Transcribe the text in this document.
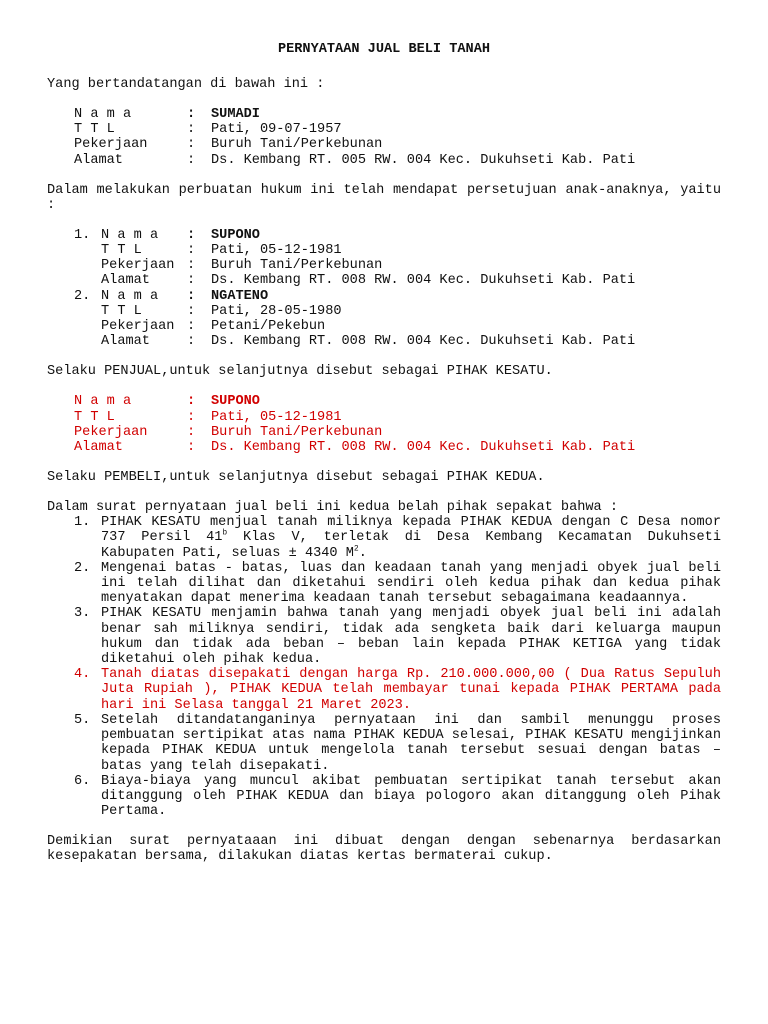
PERNYATAAN JUAL BELI TANAH

Yang bertandatangan di bawah ini :

N a m a	:	SUMADI
T T L	:	Pati, 09-07-1957
Pekerjaan	:	Buruh Tani/Perkebunan
Alamat	:	Ds. Kembang RT. 005 RW. 004 Kec. Dukuhseti Kab. Pati

Dalam melakukan perbuatan hukum ini telah mendapat persetujuan anak-anaknya, yaitu :

1.	N a m a	:	SUPONO
	T T L	:	Pati, 05-12-1981
	Pekerjaan	:	Buruh Tani/Perkebunan
	Alamat	:	Ds. Kembang RT. 008 RW. 004 Kec. Dukuhseti Kab. Pati
2.	N a m a	:	NGATENO
	T T L	:	Pati, 28-05-1980
	Pekerjaan	:	Petani/Pekebun
	Alamat	:	Ds. Kembang RT. 008 RW. 004 Kec. Dukuhseti Kab. Pati

Selaku PENJUAL,untuk selanjutnya disebut sebagai PIHAK KESATU.

N a m a	:	SUPONO
T T L	:	Pati, 05-12-1981
Pekerjaan	:	Buruh Tani/Perkebunan
Alamat	:	Ds. Kembang RT. 008 RW. 004 Kec. Dukuhseti Kab. Pati

Selaku PEMBELI,untuk selanjutnya disebut sebagai PIHAK KEDUA.

Dalam surat pernyataan jual beli ini kedua belah pihak sepakat bahwa :

1. PIHAK KESATU menjual tanah miliknya kepada PIHAK KEDUA dengan C Desa nomor 737 Persil 41$^b$ Klas V, terletak di Desa Kembang Kecamatan Dukuhseti Kabupaten Pati, seluas ± 4340 $M^2$.
2. Mengenai batas - batas, luas dan keadaan tanah yang menjadi obyek jual beli ini telah dilihat dan diketahui sendiri oleh kedua pihak dan kedua pihak menyatakan dapat menerima keadaan tanah tersebut sebagaimana keadaannya.
3. PIHAK KESATU menjamin bahwa tanah yang menjadi obyek jual beli ini adalah benar sah miliknya sendiri, tidak ada sengketa baik dari keluarga maupun hukum dan tidak ada beban – beban lain kepada PIHAK KETIGA yang tidak diketahui oleh pihak kedua.
4. Tanah diatas disepakati dengan harga Rp. 210.000.000,00 ( Dua Ratus Sepuluh Juta Rupiah ), PIHAK KEDUA telah membayar tunai kepada PIHAK PERTAMA pada hari ini Selasa tanggal 21 Maret 2023.
5. Setelah ditandatanganinya pernyataan ini dan sambil menunggu proses pembuatan sertipikat atas nama PIHAK KEDUA selesai, PIHAK KESATU mengijinkan kepada PIHAK KEDUA untuk mengelola tanah tersebut sesuai dengan batas – batas yang telah disepakati.
6. Biaya-biaya yang muncul akibat pembuatan sertipikat tanah tersebut akan ditanggung oleh PIHAK KEDUA dan biaya pologoro akan ditanggung oleh Pihak Pertama.

Demikian surat pernyataaan ini dibuat dengan dengan sebenarnya berdasarkan kesepakatan bersama, dilakukan diatas kertas bermaterai cukup.
